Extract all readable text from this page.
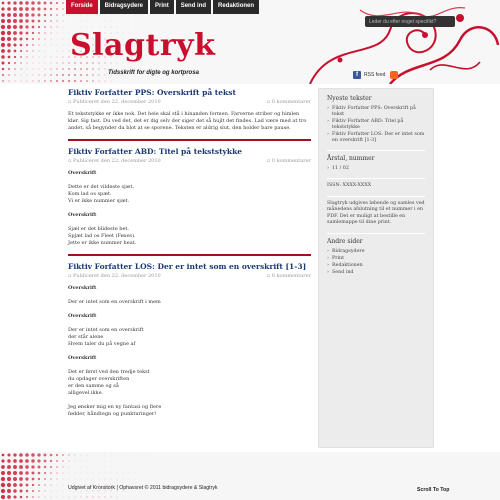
Forside	Bidragsydere	Print	Send ind	Redaktionen
Leder du efter noget specifikt?
Slagtryk
Tidsskrift for digte og kortprosa	f	RSS feed
Fiktiv Forfatter PPS: Overskrift på tekst
▫ Publiceret den 22. december 2010	▫ 0 kommentarer

Et tekststykke er ikke nok. Det hele skal stå i hinanden formen. Farverne striber og himlen klør. Sig fast. Du ved det, det er dig selv der siger det så hujlt det findes. Lad være med at tro andet, så begynder du blot at se sporene. Teksten er aldrig slut, den holder bare pause.

Fiktiv Forfatter ABD: Titel på tekststykke
▫ Publiceret den 22. december 2010	▫ 0 kommentarer
Overskrift

Dette er det vildeste sjæt.
Kom lad os spæt.
Vi er ikke nummer sjæt.

Overskrift

Sjæl er det blideste bet.
Spjæt lad os Fleet (Føxes).
Jette er ikke nummer heat.

Fiktiv Forfatter LOS: Der er intet som en overskrift [1-3]
▫ Publiceret den 22. december 2010	▫ 0 kommentarer
Overskrift

Der er intet som en overskrift i mem

Overskrift

Der er intet som en overskrift
der står alene
Hvem taler du på vegne af

Overskrift

Det er først ved den tredje tekst
du opdager overskriften
er den samme og så
alligevel ikke.

Jeg ønsker mig en ny fantasi og flere
fødder, håndtegn og punkturinger!

Nyeste tekster
› Fiktiv Forfatter PPS: Overskrift på tekst
› Fiktiv Forfatter ABD: Titel på tekststykke
› Fiktiv Forfatter LOS: Der er intet som en overskrift [1-3]
Årstal, nummer
› 11 / 02
ISSN: XXXX-XXXX
Slagtryk udgives løbende og samles ved månedens afslutning til et nummer i en PDF. Det er muligt at bestille en samlemappe til dine print.
Andre sider
› Bidragsydere
› Print
› Redaktionen
› Send ind
Udgivet af Kronstork | Ophavsret © 2011 bidragsydere & Slagtryk	Scroll To Top
